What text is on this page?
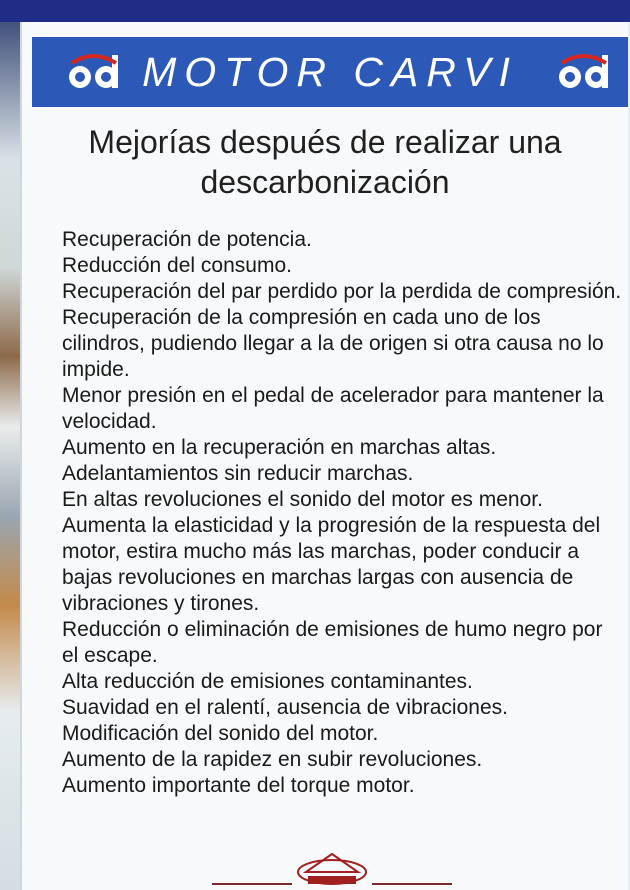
MOTOR CARVI
Mejorías después de realizar una descarbonización
Recuperación de potencia.
Reducción del consumo.
Recuperación del par perdido por la perdida de compresión.
Recuperación de la compresión en cada uno de los cilindros, pudiendo llegar a la de origen si otra causa no lo impide.
Menor presión en el pedal de acelerador para mantener la velocidad.
Aumento en la recuperación en marchas altas.
Adelantamientos sin reducir marchas.
En altas revoluciones el sonido del motor es menor.
Aumenta la elasticidad y la progresión de la respuesta del motor, estira mucho más las marchas, poder conducir a bajas revoluciones en marchas largas con ausencia de vibraciones y tirones.
Reducción o eliminación de emisiones de humo negro por el escape.
Alta reducción de emisiones contaminantes.
Suavidad en el ralentí, ausencia de vibraciones.
Modificación del sonido del motor.
Aumento de la rapidez en subir revoluciones.
Aumento importante del torque motor.
